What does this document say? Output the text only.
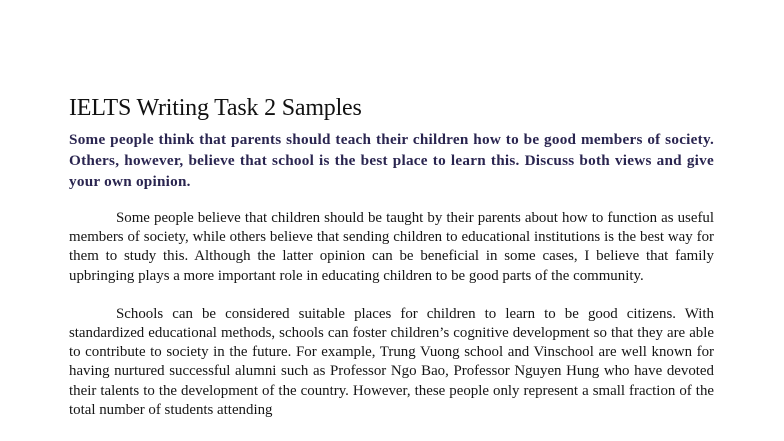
IELTS Writing Task 2 Samples

Some people think that parents should teach their children how to be good members of society. Others, however, believe that school is the best place to learn this. Discuss both views and give your own opinion.

Some people believe that children should be taught by their parents about how to function as useful members of society, while others believe that sending children to educational institutions is the best way for them to study this. Although the latter opinion can be beneficial in some cases, I believe that family upbringing plays a more important role in educating children to be good parts of the community.

Schools can be considered suitable places for children to learn to be good citizens. With standardized educational methods, schools can foster children’s cognitive development so that they are able to contribute to society in the future. For example, Trung Vuong school and Vinschool are well known for having nurtured successful alumni such as Professor Ngo Bao, Professor Nguyen Hung who have devoted their talents to the development of the country. However, these people only represent a small fraction of the total number of students attending
